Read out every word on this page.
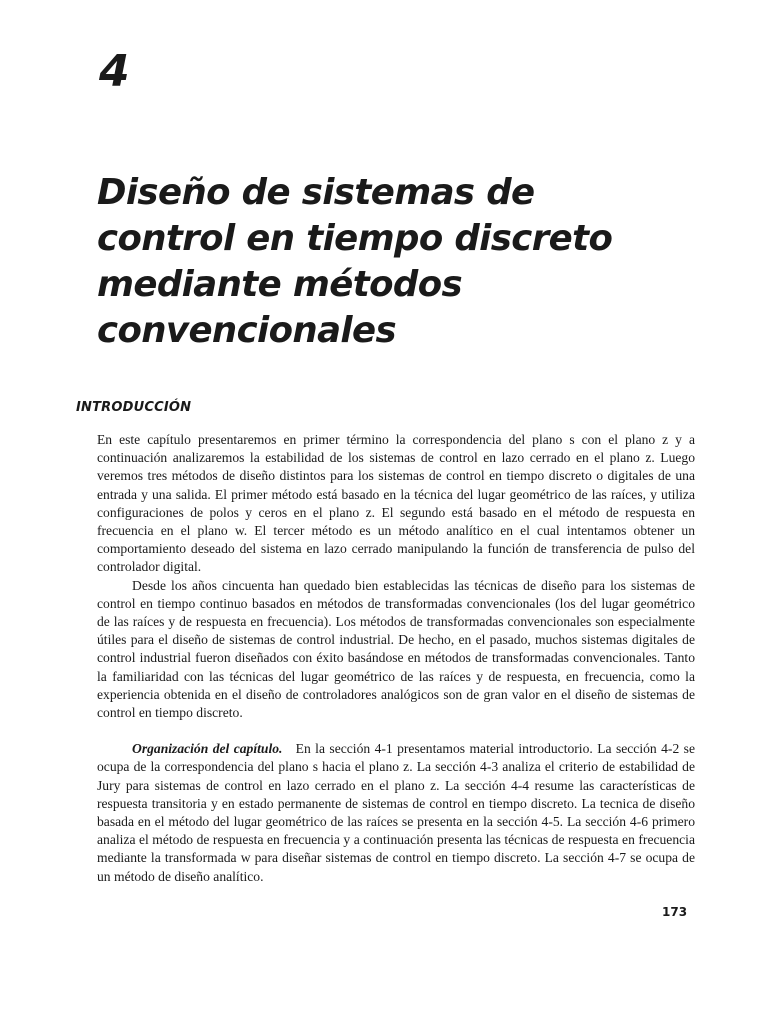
4
Diseño de sistemas de
control en tiempo discreto
mediante métodos
convencionales
INTRODUCCIÓN

En este capítulo presentaremos en primer término la correspondencia del plano s con el plano z y a continuación analizaremos la estabilidad de los sistemas de control en lazo cerrado en el plano z. Luego veremos tres métodos de diseño distintos para los sistemas de control en tiempo discreto o digitales de una entrada y una salida. El primer método está basado en la técnica del lugar geométrico de las raíces, y utiliza configuraciones de polos y ceros en el plano z. El segundo está basado en el método de respuesta en frecuencia en el plano w. El tercer método es un método analítico en el cual intentamos obtener un comportamiento deseado del sistema en lazo cerrado manipulando la función de transferencia de pulso del controlador digital.

Desde los años cincuenta han quedado bien establecidas las técnicas de diseño para los sistemas de control en tiempo continuo basados en métodos de transformadas convencionales (los del lugar geométrico de las raíces y de respuesta en frecuencia). Los métodos de transformadas convencionales son especialmente útiles para el diseño de sistemas de control industrial. De hecho, en el pasado, muchos sistemas digitales de control industrial fueron diseñados con éxito basándose en métodos de transformadas convencionales. Tanto la familiaridad con las técnicas del lugar geométrico de las raíces y de respuesta, en frecuencia, como la experiencia obtenida en el diseño de controladores analógicos son de gran valor en el diseño de sistemas de control en tiempo discreto.

Organización del capítulo. En la sección 4-1 presentamos material introductorio. La sección 4-2 se ocupa de la correspondencia del plano s hacia el plano z. La sección 4-3 analiza el criterio de estabilidad de Jury para sistemas de control en lazo cerrado en el plano z. La sección 4-4 resume las características de respuesta transitoria y en estado permanente de sistemas de control en tiempo discreto. La tecnica de diseño basada en el método del lugar geométrico de las raíces se presenta en la sección 4-5. La sección 4-6 primero analiza el método de respuesta en frecuencia y a continuación presenta las técnicas de respuesta en frecuencia mediante la transformada w para diseñar sistemas de control en tiempo discreto. La sección 4-7 se ocupa de un método de diseño analítico.

173
